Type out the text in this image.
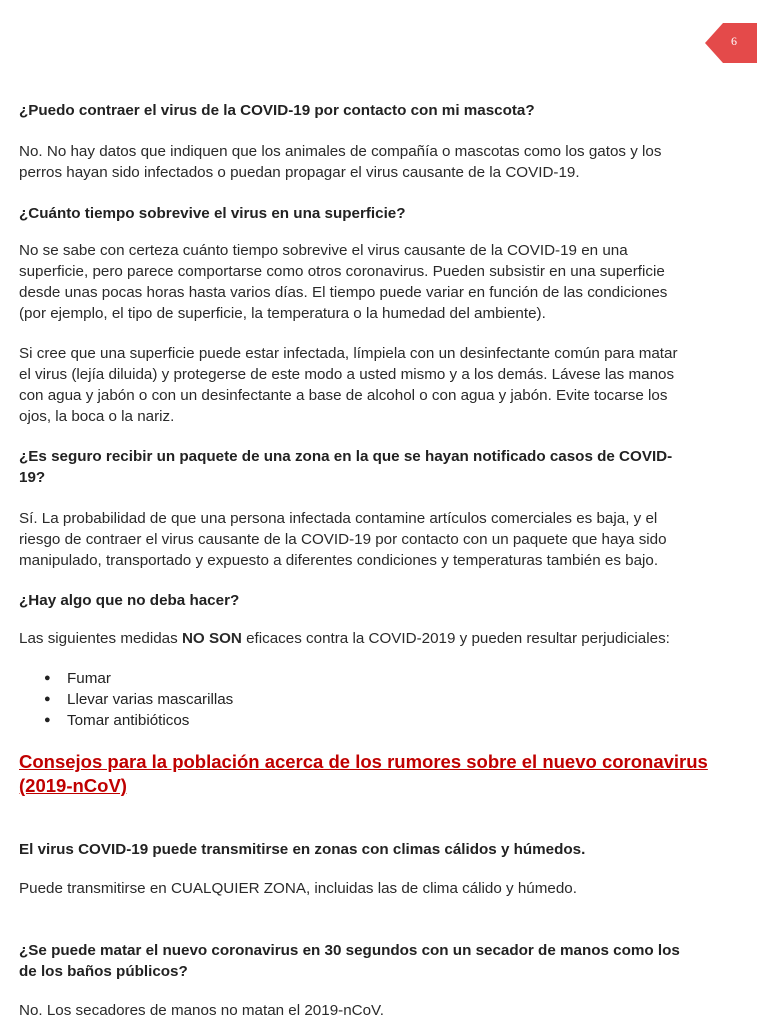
6

¿Puedo contraer el virus de la COVID-19 por contacto con mi mascota?

No. No hay datos que indiquen que los animales de compañía o mascotas como los gatos y los
perros hayan sido infectados o puedan propagar el virus causante de la COVID-19.

¿Cuánto tiempo sobrevive el virus en una superficie?

No se sabe con certeza cuánto tiempo sobrevive el virus causante de la COVID-19 en una
superficie, pero parece comportarse como otros coronavirus. Pueden subsistir en una superficie
desde unas pocas horas hasta varios días. El tiempo puede variar en función de las condiciones
(por ejemplo, el tipo de superficie, la temperatura o la humedad del ambiente).

Si cree que una superficie puede estar infectada, límpiela con un desinfectante común para matar
el virus (lejía diluida) y protegerse de este modo a usted mismo y a los demás. Lávese las manos
con agua y jabón o con un desinfectante a base de alcohol o con agua y jabón. Evite tocarse los
ojos, la boca o la nariz.

¿Es seguro recibir un paquete de una zona en la que se hayan notificado casos de COVID-
19?

Sí. La probabilidad de que una persona infectada contamine artículos comerciales es baja, y el
riesgo de contraer el virus causante de la COVID-19 por contacto con un paquete que haya sido
manipulado, transportado y expuesto a diferentes condiciones y temperaturas también es bajo.

¿Hay algo que no deba hacer?

Las siguientes medidas NO SON eficaces contra la COVID-2019 y pueden resultar perjudiciales:

● Fumar
● Llevar varias mascarillas
● Tomar antibióticos
Consejos para la población acerca de los rumores sobre el nuevo coronavirus
(2019-nCoV)

El virus COVID-19 puede transmitirse en zonas con climas cálidos y húmedos.

Puede transmitirse en CUALQUIER ZONA, incluidas las de clima cálido y húmedo.

¿Se puede matar el nuevo coronavirus en 30 segundos con un secador de manos como los
de los baños públicos?

No. Los secadores de manos no matan el 2019-nCoV.
